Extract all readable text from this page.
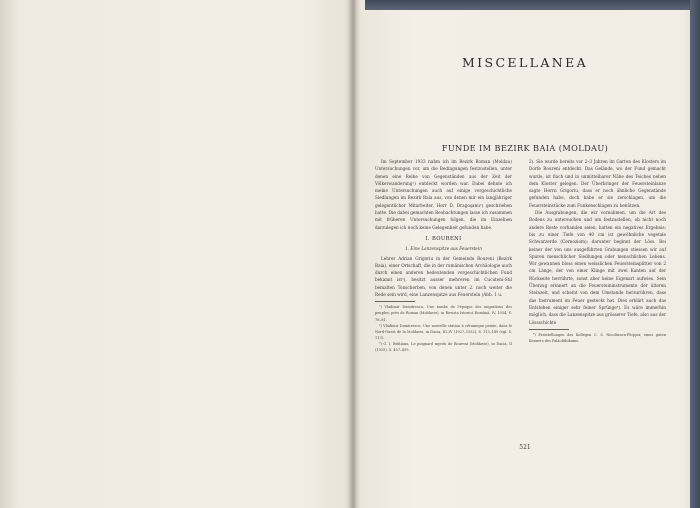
MISCELLANEA
FUNDE IM BEZIRK BAIA (MOLDAU)

Im September 1933 nahm ich im Bezirk Roman (Moldau) Untersuchungen vor, um die Bedingungen festzustellen, unter denen eine Reihe von Gegenständen aus der Zeit der Völkerwanderung¹) entdeckt worden war. Dabei dehnte ich meine Untersuchungen auch auf einige vorgeschichtliche Siedlungen im Bezirk Baia aus, von denen mir ein langjähriger gelegentlicher Mitarbeiter, Herr D. Dragoşanu²) geschrieben hatte. Die dabei gemachten Beobachtungen lasse ich zusammen mit früheren Untersuchungen folgen, die im Einzelnen darzulegen ich noch keine Gelegenheit gefunden habe.

I. BOURENI
1. Eine Lanzenspitze aus Feuerstein

Lehrer Adrian Grigoriu in der Gemeinde Boureni (Bezirk Baia), einer Ortschaft, die in der rumänischen Archäologie auch durch einen anderen bedeutenden vorgeschichtlichen Fund bekannt ist³), besitzt ausser mehreren im Cucuteni-Stil bemalten Tonscherben, von denen unter 2. noch weiter die Rede sein wird, eine Lanzenspitze aus Feuerstein (Abb. 1 u.

¹) Vladimir Dumitrescu, Une tombe de l'époque des migrations des peuples, près de Roman (Moldavie), in Revista Istorică Română, IV, 1934, S. 76–81.

²) Vladimir Dumitrescu, Une nouvelle station à céramique peinte, dans le Nord-Ouest de la Moldavie, in Dacia, III–IV (1927–1932), S. 113–149 (vgl. S. 113).

³) G. I. Brătianu, Le poignard mycén de Boureni (Moldavie), in Dacia, II (1925), S. 457–459.

2). Sie wurde bereits vor 2–3 Jahren im Garten des Klosters im Dorfe Boureni entdeckt. Das Gelände, wo der Fund gemacht wurde, ist flach und in unmittelbarer Nähe des Teiches neben dem Kloster gelegen. Der Überbringer der Feuersteinlanze sagte Herrn Grigoriu, dass er noch ähnliche Gegenstände gefunden habe, doch habe er sie zerschlagen, um die Feuersteinstücke zum Funkenschlagen zu benützen.

Die Ausgrabungen, die wir vornahmen, um die Art des Bodens zu untersuchen und um festzustellen, ob nicht noch andere Reste vorhanden seien, hatten ein negatives Ergebnis: bis zu einer Tiefe von 40 cm ist gewöhnliche vegetale Schwarzerde (Cernoziom); darunter beginnt der Löss. Bei keiner der von uns ausgeführten Grabungen stiessen wir auf Spuren menschlicher Siedlungen oder menschlichen Lebens. Wir gewannen bloss einen weisslichen Feuersteinsplitter von 2 cm Länge, der von einer Klinge mit zwei Kanten auf der Rückseite herrührte, sonst aber keine Eigenart aufwies. Sein Überzug erinnert an die Feuersteininstrumente der älteren Steinzeit, und scheint von dem Umstande herzurühren, dass das Instrument im Feuer gesteckt hat. Dies erklärt auch das Entstehen einiger sehr feiner Sprünge⁴). Es wäre immerhin möglich, dass die Lanzenspitze aus grösserer Tiefe, also aus der Lössschichte

⁴) Feststellungen des Kollegen C. S. Nicolăescu-Plopşor, eines guten Kenners des Paläolithikums.

521
